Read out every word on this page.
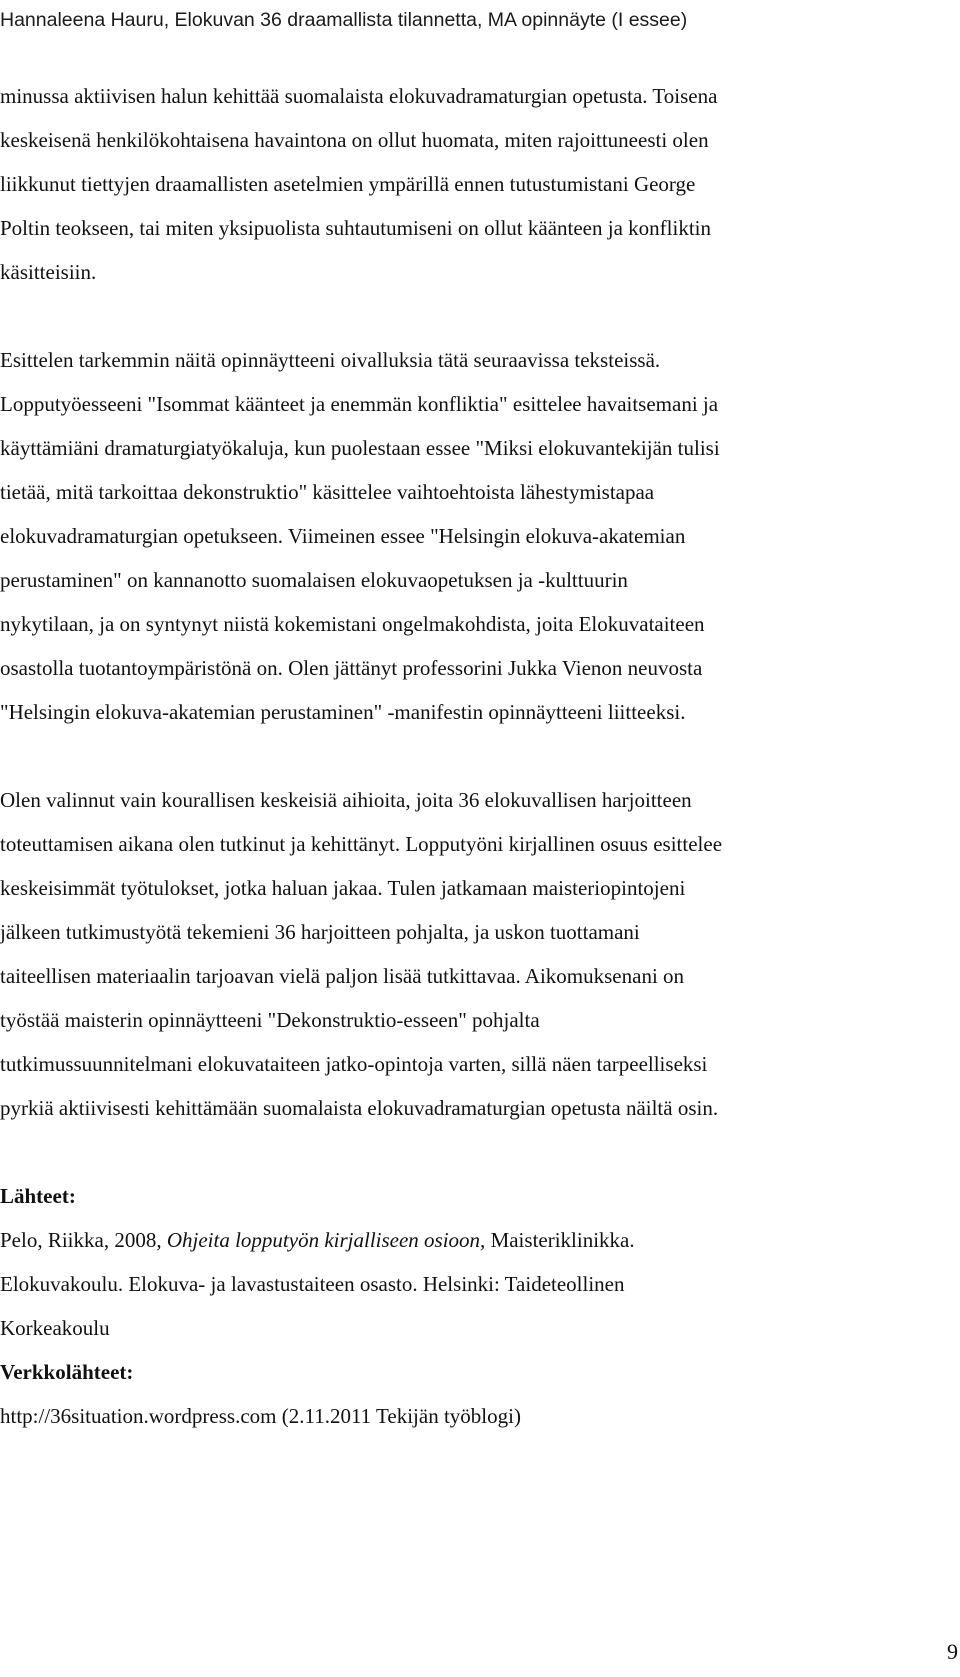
Hannaleena Hauru, Elokuvan 36 draamallista tilannetta, MA opinnäyte (I essee)

minussa aktiivisen halun kehittää suomalaista elokuvadramaturgian opetusta. Toisena

keskeisenä henkilökohtaisena havaintona on ollut huomata, miten rajoittuneesti olen

liikkunut tiettyjen draamallisten asetelmien ympärillä ennen tutustumistani George

Poltin teokseen, tai miten yksipuolista suhtautumiseni on ollut käänteen ja konfliktin

käsitteisiin.

Esittelen tarkemmin näitä opinnäytteeni oivalluksia tätä seuraavissa teksteissä.

Lopputyöesseeni "Isommat käänteet ja enemmän konfliktia" esittelee havaitsemani ja

käyttämiäni dramaturgiatyökaluja, kun puolestaan essee "Miksi elokuvantekijän tulisi

tietää, mitä tarkoittaa dekonstruktio" käsittelee vaihtoehtoista lähestymistapaa

elokuvadramaturgian opetukseen. Viimeinen essee "Helsingin elokuva-akatemian

perustaminen" on kannanotto suomalaisen elokuvaopetuksen ja -kulttuurin

nykytilaan, ja on syntynyt niistä kokemistani ongelmakohdista, joita Elokuvataiteen

osastolla tuotantoympäristönä on. Olen jättänyt professorini Jukka Vienon neuvosta

"Helsingin elokuva-akatemian perustaminen" -manifestin opinnäytteeni liitteeksi.

Olen valinnut vain kourallisen keskeisiä aihioita, joita 36 elokuvallisen harjoitteen

toteuttamisen aikana olen tutkinut ja kehittänyt. Lopputyöni kirjallinen osuus esittelee

keskeisimmät työtulokset, jotka haluan jakaa. Tulen jatkamaan maisteriopintojeni

jälkeen tutkimustyötä tekemieni 36 harjoitteen pohjalta, ja uskon tuottamani

taiteellisen materiaalin tarjoavan vielä paljon lisää tutkittavaa. Aikomuksenani on

työstää maisterin opinnäytteeni "Dekonstruktio-esseen" pohjalta

tutkimussuunnitelmani elokuvataiteen jatko-opintoja varten, sillä näen tarpeelliseksi

pyrkiä aktiivisesti kehittämään suomalaista elokuvadramaturgian opetusta näiltä osin.

Lähteet:

Pelo, Riikka, 2008, Ohjeita lopputyön kirjalliseen osioon, Maisteriklinikka.

Elokuvakoulu. Elokuva- ja lavastustaiteen osasto. Helsinki: Taideteollinen

Korkeakoulu

Verkkolähteet:

http://36situation.wordpress.com (2.11.2011 Tekijän työblogi)

9
